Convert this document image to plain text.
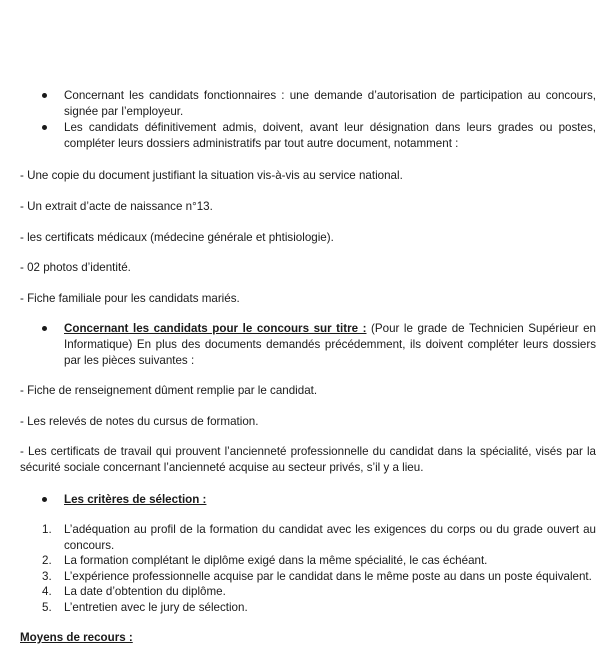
Concernant les candidats fonctionnaires : une demande d’autorisation de participation au concours, signée par l’employeur.
Les candidats définitivement admis, doivent, avant leur désignation dans leurs grades ou postes, compléter leurs dossiers administratifs par tout autre document, notamment :
- Une copie du document justifiant la situation vis-à-vis au service national.
- Un extrait d’acte de naissance n°13.
- les certificats médicaux (médecine générale et phtisiologie).
- 02 photos d’identité.
- Fiche familiale pour les candidats mariés.
Concernant les candidats pour le concours sur titre : (Pour le grade de Technicien Supérieur en Informatique) En plus des documents demandés précédemment, ils doivent compléter leurs dossiers par les pièces suivantes :
- Fiche de renseignement dûment remplie par le candidat.
- Les relevés de notes du cursus de formation.
- Les certificats de travail qui prouvent l’ancienneté professionnelle du candidat dans la spécialité, visés par la sécurité sociale concernant l’ancienneté acquise au secteur privés, s’il y a lieu.
Les critères de sélection :
1. L’adéquation au profil de la formation du candidat avec les exigences du corps ou du grade ouvert au concours.
2. La formation complétant le diplôme exigé dans la même spécialité, le cas échéant.
3. L’expérience professionnelle acquise par le candidat dans le même poste au dans un poste équivalent.
4. La date d’obtention du diplôme.
5. L’entretien avec le jury de sélection.
Moyens de recours :
